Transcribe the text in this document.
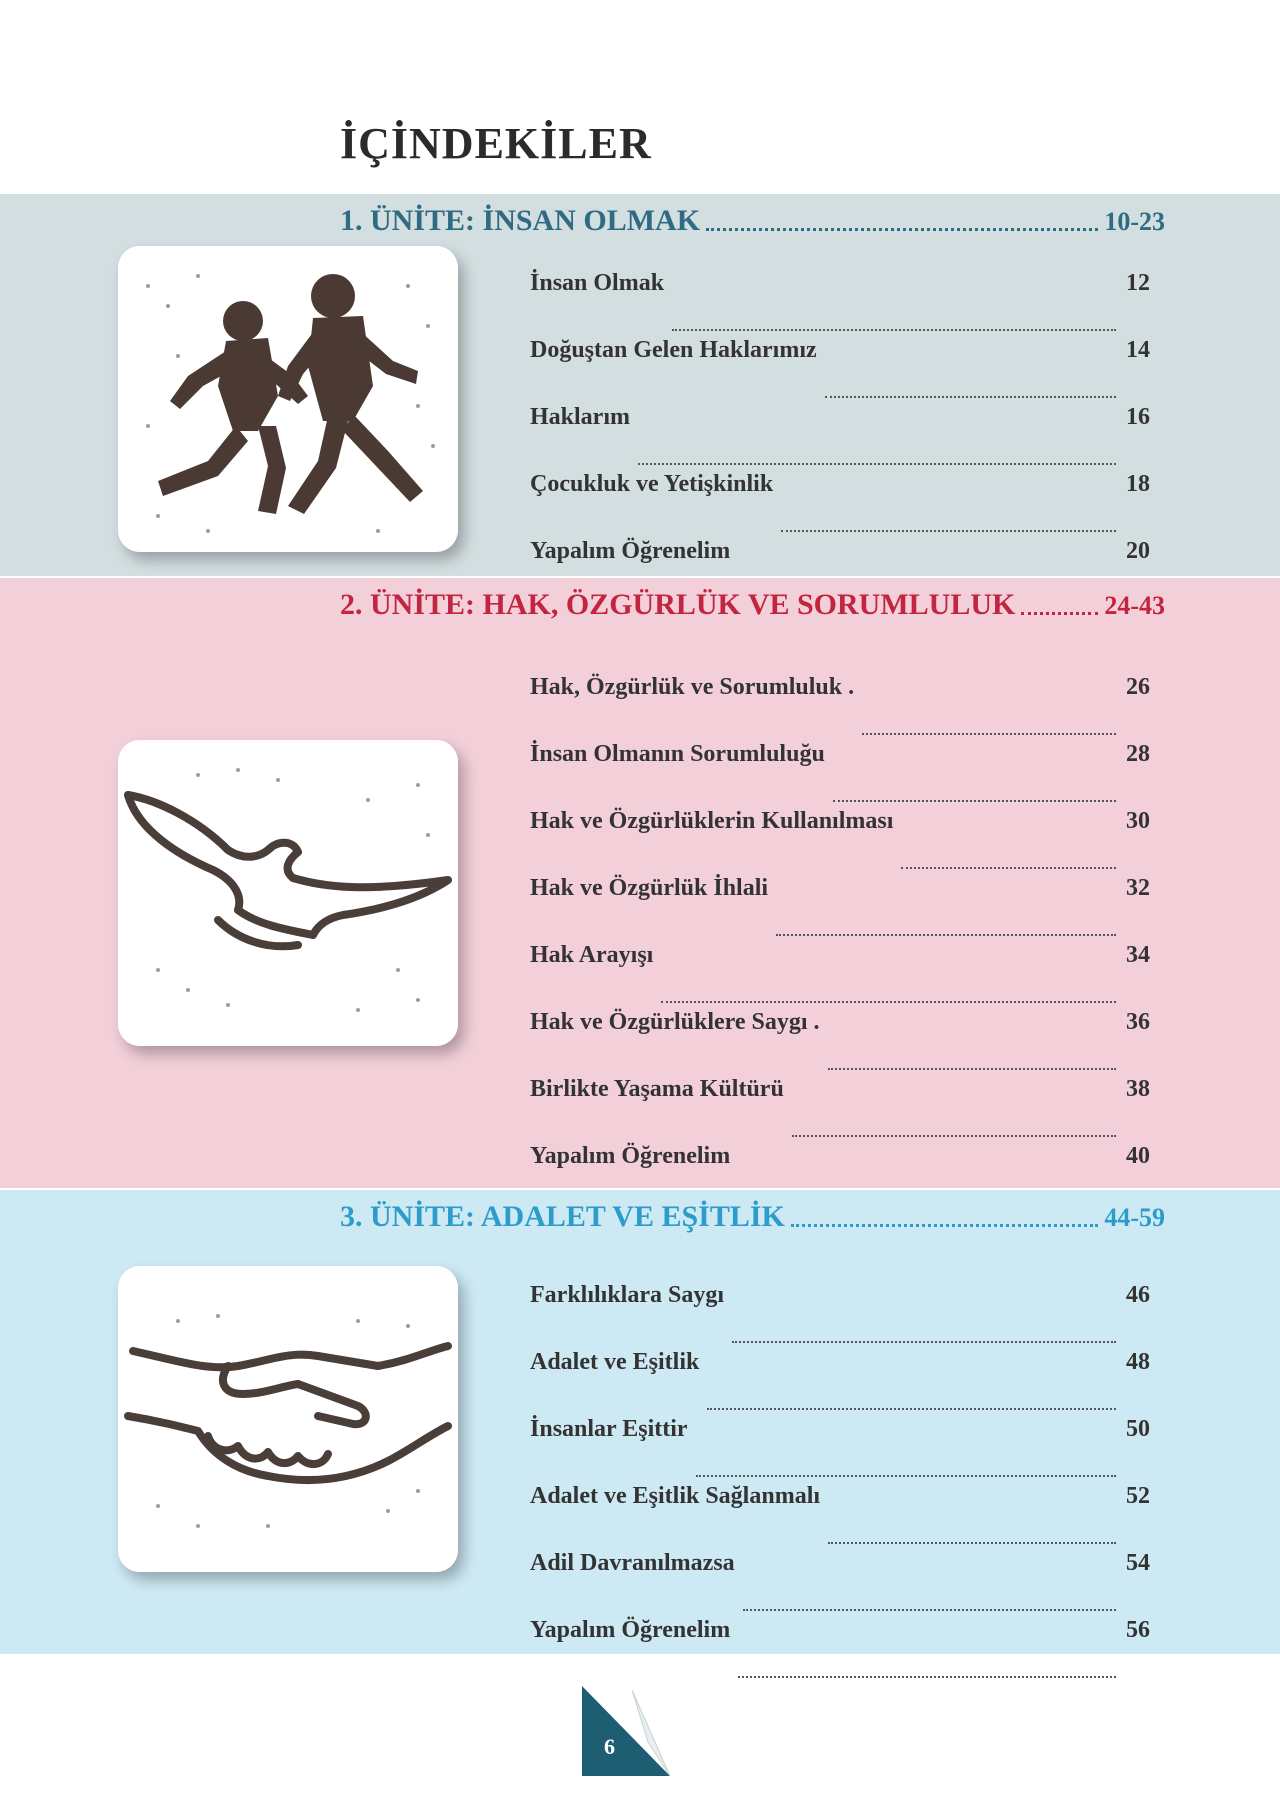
İÇİNDEKİLER
1. ÜNİTE: İNSAN OLMAK	10-23
İnsan Olmak	12
Doğuştan Gelen Haklarımız	14
Haklarım	16
Çocukluk ve Yetişkinlik	18
Yapalım Öğrenelim	20
2. ÜNİTE: HAK, ÖZGÜRLÜK VE SORUMLULUK	24-43
Hak, Özgürlük ve Sorumluluk .	26
İnsan Olmanın Sorumluluğu	28
Hak ve Özgürlüklerin Kullanılması	30
Hak ve Özgürlük İhlali	32
Hak Arayışı	34
Hak ve Özgürlüklere Saygı .	36
Birlikte Yaşama Kültürü	38
Yapalım Öğrenelim	40
3. ÜNİTE: ADALET VE EŞİTLİK	44-59
Farklılıklara Saygı	46
Adalet ve Eşitlik	48
İnsanlar Eşittir	50
Adalet ve Eşitlik Sağlanmalı	52
Adil Davranılmazsa	54
Yapalım Öğrenelim	56
6
